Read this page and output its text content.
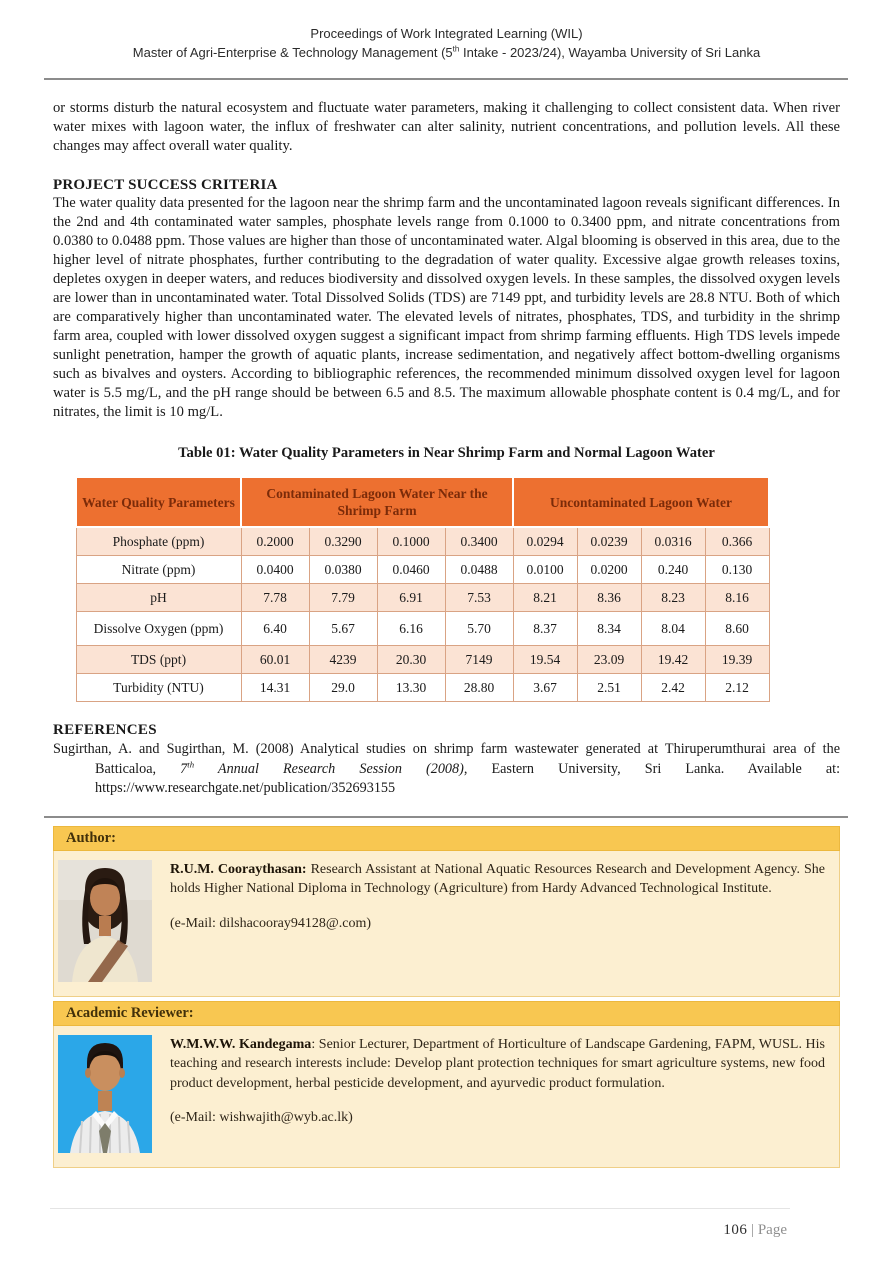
Proceedings of Work Integrated Learning (WIL)
Master of Agri-Enterprise & Technology Management (5th Intake - 2023/24), Wayamba University of Sri Lanka

or storms disturb the natural ecosystem and fluctuate water parameters, making it challenging to collect consistent data. When river water mixes with lagoon water, the influx of freshwater can alter salinity, nutrient concentrations, and pollution levels. All these changes may affect overall water quality.

PROJECT SUCCESS CRITERIA

The water quality data presented for the lagoon near the shrimp farm and the uncontaminated lagoon reveals significant differences. In the 2nd and 4th contaminated water samples, phosphate levels range from 0.1000 to 0.3400 ppm, and nitrate concentrations from 0.0380 to 0.0488 ppm. Those values are higher than those of uncontaminated water. Algal blooming is observed in this area, due to the higher level of nitrate phosphates, further contributing to the degradation of water quality. Excessive algae growth releases toxins, depletes oxygen in deeper waters, and reduces biodiversity and dissolved oxygen levels. In these samples, the dissolved oxygen levels are lower than in uncontaminated water. Total Dissolved Solids (TDS) are 7149 ppt, and turbidity levels are 28.8 NTU. Both of which are comparatively higher than uncontaminated water. The elevated levels of nitrates, phosphates, TDS, and turbidity in the shrimp farm area, coupled with lower dissolved oxygen suggest a significant impact from shrimp farming effluents. High TDS levels impede sunlight penetration, hamper the growth of aquatic plants, increase sedimentation, and negatively affect bottom-dwelling organisms such as bivalves and oysters. According to bibliographic references, the recommended minimum dissolved oxygen level for lagoon water is 5.5 mg/L, and the pH range should be between 6.5 and 8.5. The maximum allowable phosphate content is 0.4 mg/L, and for nitrates, the limit is 10 mg/L.

Table 01: Water Quality Parameters in Near Shrimp Farm and Normal Lagoon Water
Water Quality Parameters	Contaminated Lagoon Water Near the Shrimp Farm				Uncontaminated Lagoon Water			
Phosphate (ppm)	0.2000	0.3290	0.1000	0.3400	0.0294	0.0239	0.0316	0.366
Nitrate (ppm)	0.0400	0.0380	0.0460	0.0488	0.0100	0.0200	0.240	0.130
pH	7.78	7.79	6.91	7.53	8.21	8.36	8.23	8.16
Dissolve Oxygen (ppm)	6.40	5.67	6.16	5.70	8.37	8.34	8.04	8.60
TDS (ppt)	60.01	4239	20.30	7149	19.54	23.09	19.42	19.39
Turbidity (NTU)	14.31	29.0	13.30	28.80	3.67	2.51	2.42	2.12
REFERENCES

Sugirthan, A. and Sugirthan, M. (2008) Analytical studies on shrimp farm wastewater generated at Thiruperumthurai area of the Batticaloa, 7th Annual Research Session (2008), Eastern University, Sri Lanka. Available at: https://www.researchgate.net/publication/352693155

Author:
R.U.M. Cooraythasan: Research Assistant at National Aquatic Resources Research and Development Agency. She holds Higher National Diploma in Technology (Agriculture) from Hardy Advanced Technological Institute.
(e-Mail: dilshacooray94128@.com)
Academic Reviewer:
W.M.W.W. Kandegama: Senior Lecturer, Department of Horticulture of Landscape Gardening, FAPM, WUSL. His teaching and research interests include: Develop plant protection techniques for smart agriculture systems, new food product development, herbal pesticide development, and ayurvedic product formulation.
(e-Mail: wishwajith@wyb.ac.lk)
106 | Page
